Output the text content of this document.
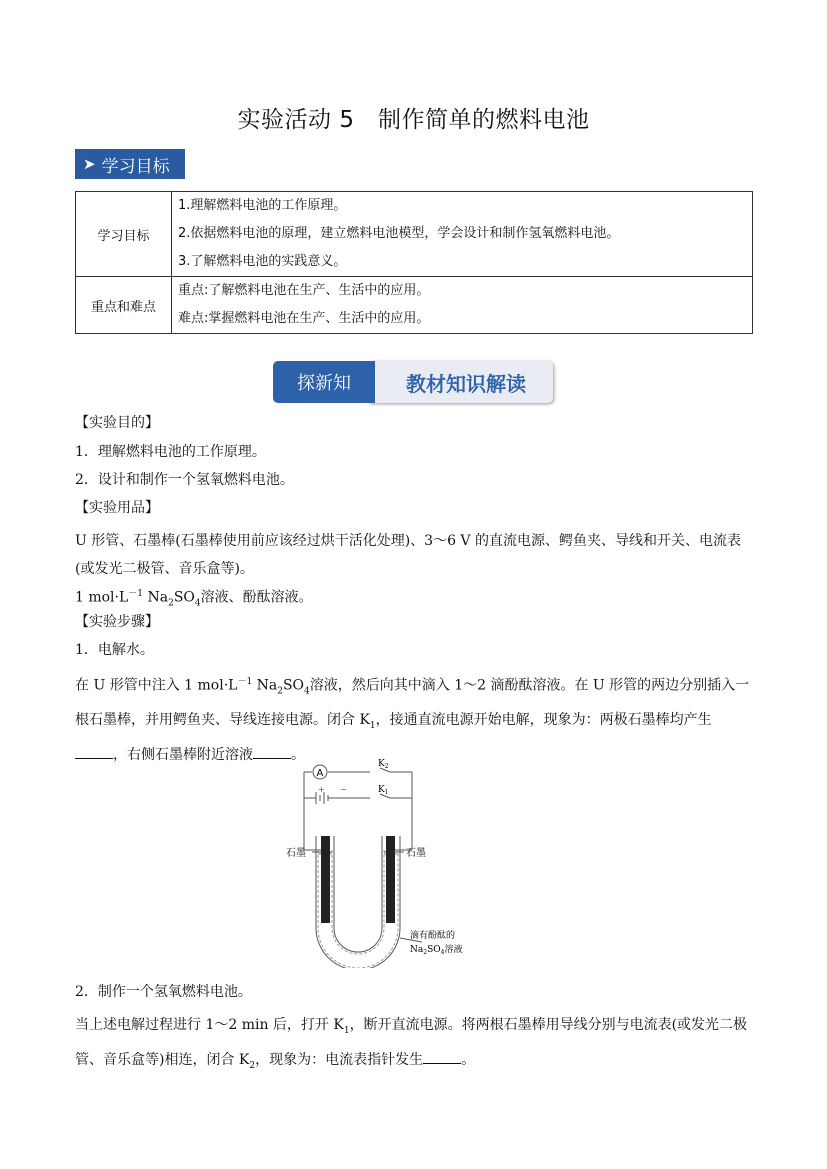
实验活动 5　制作简单的燃料电池
➤ 学习目标
学习目标	1.理解燃料电池的工作原理。
2.依据燃料电池的原理，建立燃料电池模型，学会设计和制作氢氧燃料电池。
3.了解燃料电池的实践意义。

重点和难点	重点:了解燃料电池在生产、生活中的应用。
难点:掌握燃料电池在生产、生活中的应用。
教材知识解读
探新知
【实验目的】
1．理解燃料电池的工作原理。
2．设计和制作一个氢氧燃料电池。
【实验用品】
U 形管、石墨棒(石墨棒使用前应该经过烘干活化处理)、3～6 V 的直流电源、鳄鱼夹、导线和开关、电流表(或发光二极管、音乐盒等)。
1 $mol\cdot L^{-1}$ $Na_2SO_4$溶液、酚酞溶液。
【实验步骤】
1．电解水。
在 U 形管中注入 1 $mol\cdot L^{-1}$ $Na_2SO_4$溶液，然后向其中滴入 1～2 滴酚酞溶液。在 U 形管的两边分别插入一根石墨棒，并用鳄鱼夹、导线连接电源。闭合 $K_1$，接通直流电源开始电解，现象为：两极石墨棒均产生
，右侧石墨棒附近溶液	。
A
$K_2$
$K_1$
+ −
石墨	石墨
滴有酚酞的
$Na_2SO_4$溶液
2．制作一个氢氧燃料电池。
当上述电解过程进行 1～2 min 后，打开 $K_1$，断开直流电源。将两根石墨棒用导线分别与电流表(或发光二极管、音乐盒等)相连，闭合 $K_2$，现象为：电流表指针发生	。
